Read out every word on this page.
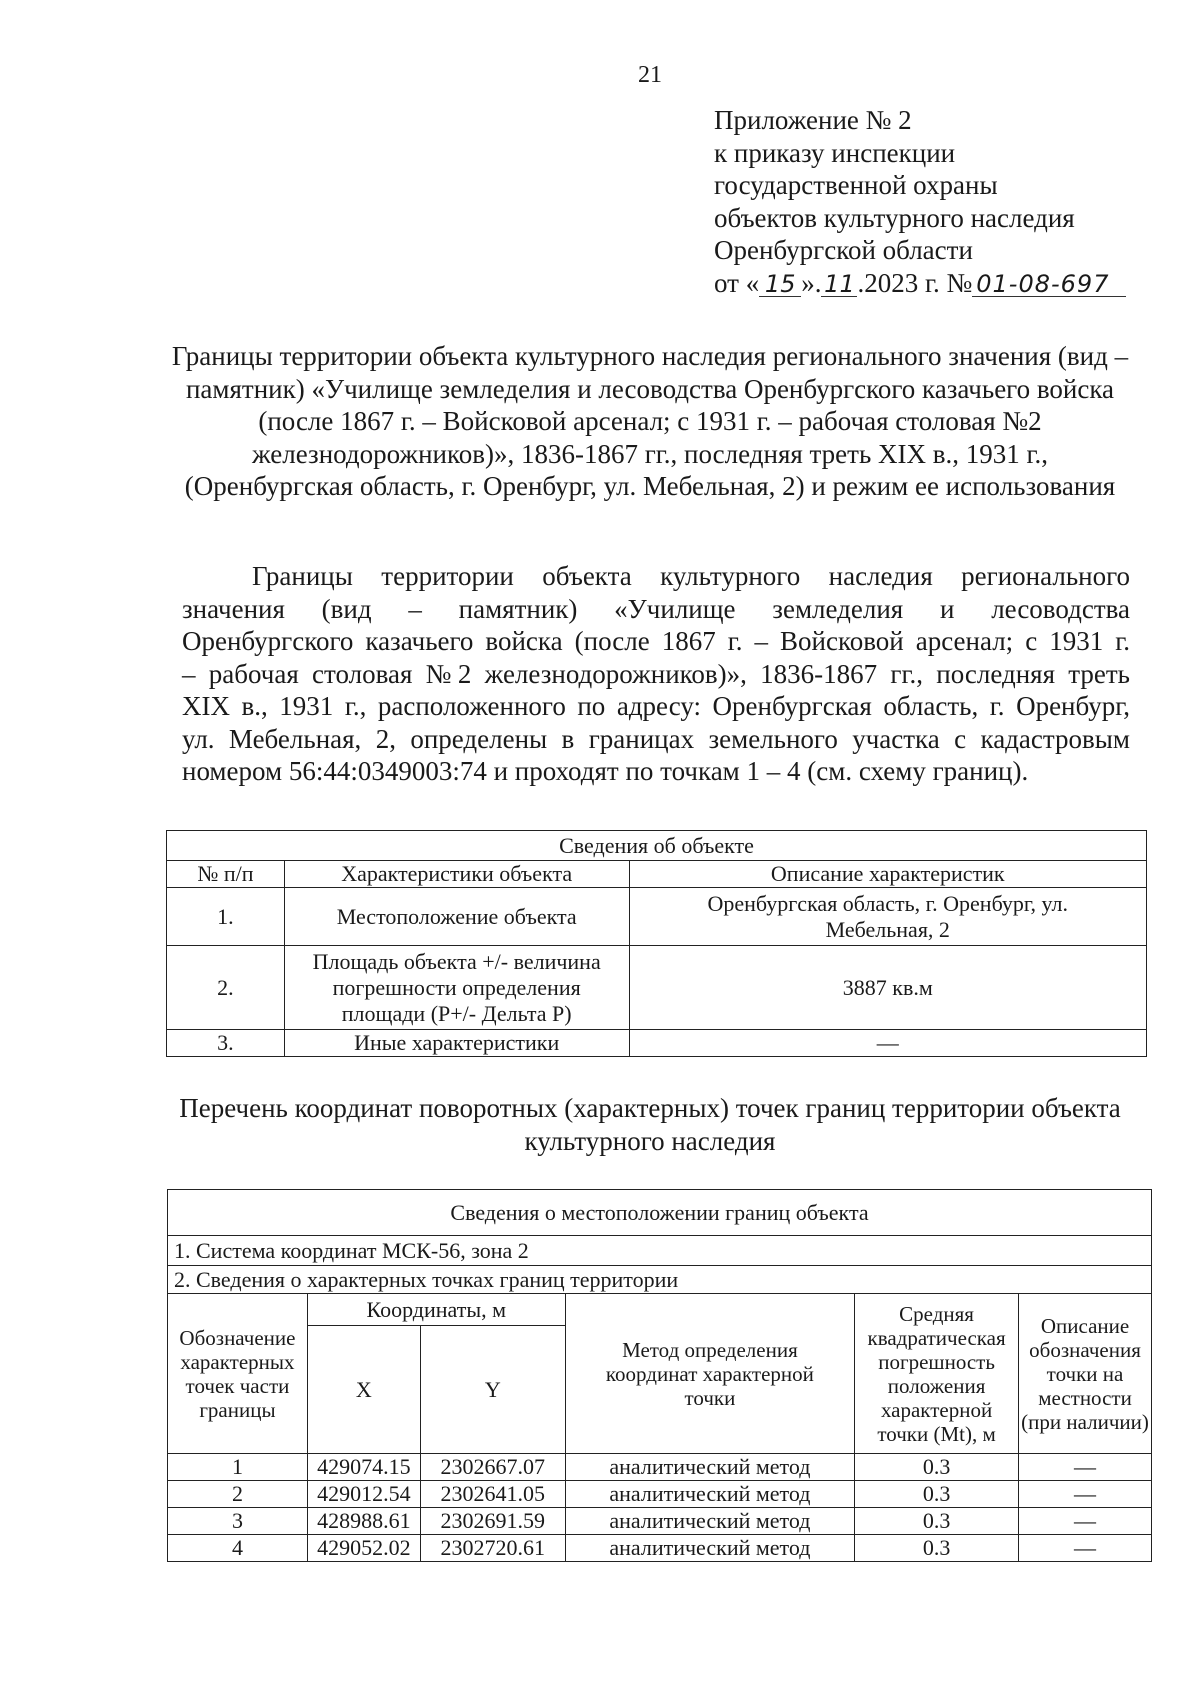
21
Приложение № 2
к приказу инспекции
государственной охраны
объектов культурного наследия
Оренбургской области
от « 15 ». 11 .2023 г. № 01-08-697
Границы территории объекта культурного наследия регионального значения (вид – памятник) «Училище земледелия и лесоводства Оренбургского казачьего войска (после 1867 г. – Войсковой арсенал; с 1931 г. – рабочая столовая №2 железнодорожников)», 1836-1867 гг., последняя треть XIX в., 1931 г., (Оренбургская область, г. Оренбург, ул. Мебельная, 2) и режим ее использования
Границы территории объекта культурного наследия регионального
значения (вид – памятник) «Училище земледелия и лесоводства
Оренбургского казачьего войска (после 1867 г. – Войсковой арсенал; с 1931 г.
– рабочая столовая №2 железнодорожников)», 1836-1867 гг., последняя треть
XIX в., 1931 г., расположенного по адресу: Оренбургская область, г. Оренбург,
ул. Мебельная, 2, определены в границах земельного участка с кадастровым
номером 56:44:0349003:74 и проходят по точкам 1 – 4 (см. схему границ).
Сведения об объекте		
№ п/п	Характеристики объекта	Описание характеристик
1.	Местоположение объекта	Оренбургская область, г. Оренбург, ул. Мебельная, 2
2.	Площадь объекта +/- величина погрешности определения площади (P+/- Дельта P)	3887 кв.м
3.	Иные характеристики	—
Перечень координат поворотных (характерных) точек границ территории объекта культурного наследия
Сведения о местоположении границ объекта					
1. Система координат МСК-56, зона 2					
2. Сведения о характерных точках границ территории					
Обозначение характерных точек части границы	Координаты, м		Метод определения координат характерной точки	Средняя квадратическая погрешность положения характерной точки (Mt), м	Описание обозначения точки на местности (при наличии)
	X	Y			
1	429074.15	2302667.07	аналитический метод	0.3	—
2	429012.54	2302641.05	аналитический метод	0.3	—
3	428988.61	2302691.59	аналитический метод	0.3	—
4	429052.02	2302720.61	аналитический метод	0.3	—
